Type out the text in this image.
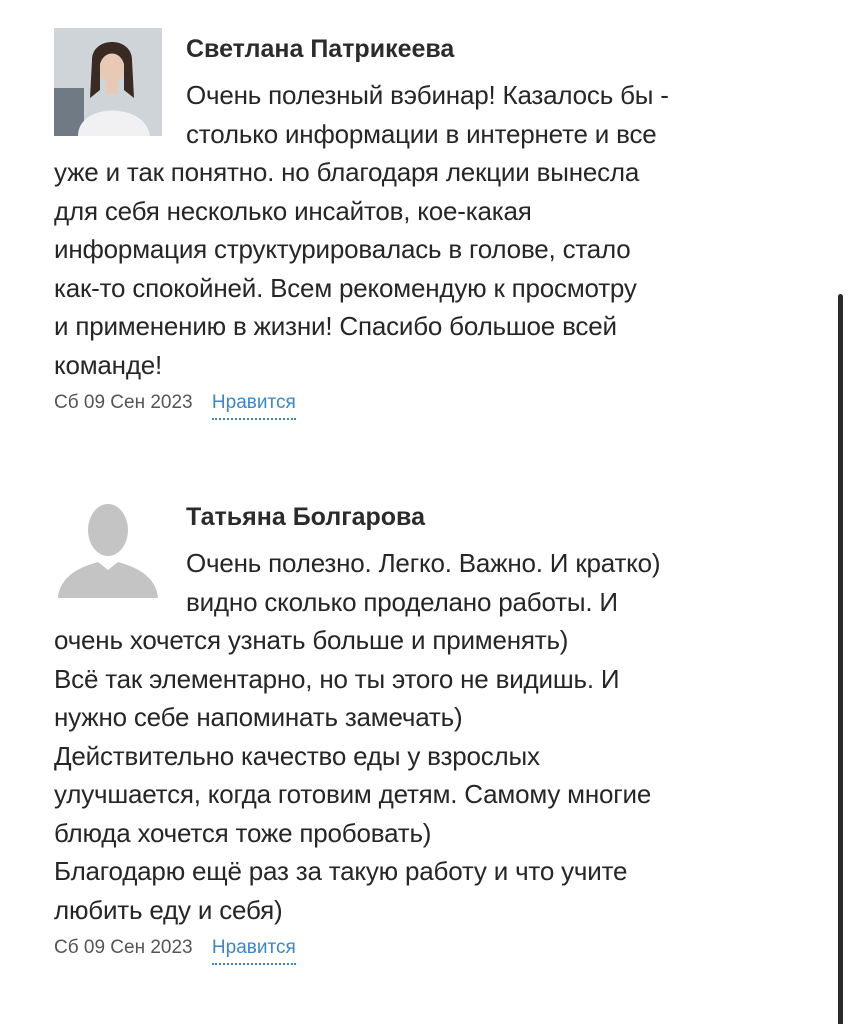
Светлана Патрикеева
Очень полезный вэбинар! Казалось бы -
столько информации в интернете и все
уже и так понятно. но благодаря лекции вынесла
для себя несколько инсайтов, кое-какая
информация структурировалась в голове, стало
как-то спокойней. Всем рекомендую к просмотру
и применению в жизни! Спасибо большое всей
команде!
Сб 09 Сен 2023 Нравится
Татьяна Болгарова
Очень полезно. Легко. Важно. И кратко)
видно сколько проделано работы. И
очень хочется узнать больше и применять)
Всё так элементарно, но ты этого не видишь. И
нужно себе напоминать замечать)
Действительно качество еды у взрослых
улучшается, когда готовим детям. Самому многие
блюда хочется тоже пробовать)
Благодарю ещё раз за такую работу и что учите
любить еду и себя)
Сб 09 Сен 2023 Нравится
